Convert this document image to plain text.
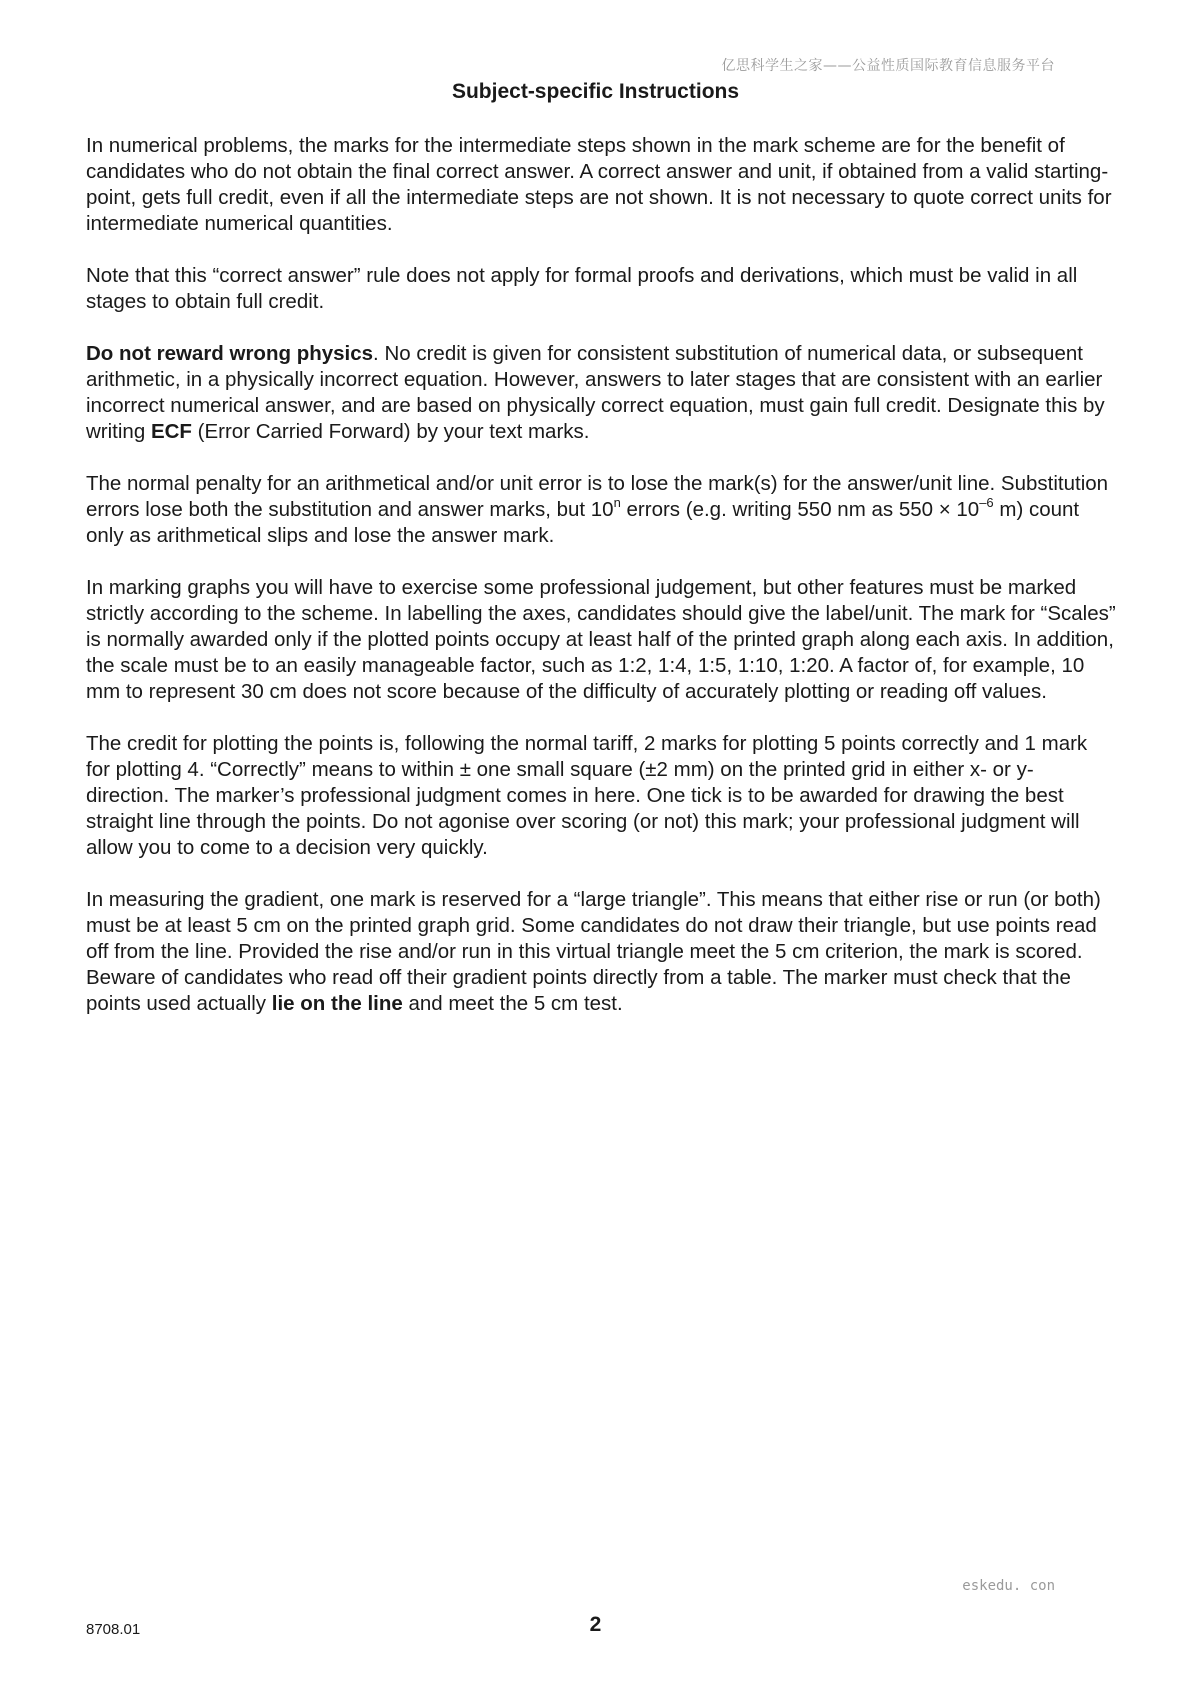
亿思科学生之家——公益性质国际教育信息服务平台
Subject-specific Instructions

In numerical problems, the marks for the intermediate steps shown in the mark scheme are for the benefit of candidates who do not obtain the final correct answer. A correct answer and unit, if obtained from a valid starting-point, gets full credit, even if all the intermediate steps are not shown. It is not necessary to quote correct units for intermediate numerical quantities.

Note that this “correct answer” rule does not apply for formal proofs and derivations, which must be valid in all stages to obtain full credit.

Do not reward wrong physics. No credit is given for consistent substitution of numerical data, or subsequent arithmetic, in a physically incorrect equation. However, answers to later stages that are consistent with an earlier incorrect numerical answer, and are based on physically correct equation, must gain full credit. Designate this by writing ECF (Error Carried Forward) by your text marks.

The normal penalty for an arithmetical and/or unit error is to lose the mark(s) for the answer/unit line. Substitution errors lose both the substitution and answer marks, but 10$^n$ errors (e.g. writing 550 nm as $550 \times 10^{-6}$ m) count only as arithmetical slips and lose the answer mark.

In marking graphs you will have to exercise some professional judgement, but other features must be marked strictly according to the scheme. In labelling the axes, candidates should give the label/unit. The mark for “Scales” is normally awarded only if the plotted points occupy at least half of the printed graph along each axis. In addition, the scale must be to an easily manageable factor, such as 1:2, 1:4, 1:5, 1:10, 1:20. A factor of, for example, 10 mm to represent 30 cm does not score because of the difficulty of accurately plotting or reading off values.

The credit for plotting the points is, following the normal tariff, 2 marks for plotting 5 points correctly and 1 mark for plotting 4. “Correctly” means to within ± one small square (±2 mm) on the printed grid in either x- or y-direction. The marker’s professional judgment comes in here. One tick is to be awarded for drawing the best straight line through the points. Do not agonise over scoring (or not) this mark; your professional judgment will allow you to come to a decision very quickly.

In measuring the gradient, one mark is reserved for a “large triangle”. This means that either rise or run (or both) must be at least 5 cm on the printed graph grid. Some candidates do not draw their triangle, but use points read off from the line. Provided the rise and/or run in this virtual triangle meet the 5 cm criterion, the mark is scored. Beware of candidates who read off their gradient points directly from a table. The marker must check that the points used actually lie on the line and meet the 5 cm test.

eskedu. con
8708.01	2
